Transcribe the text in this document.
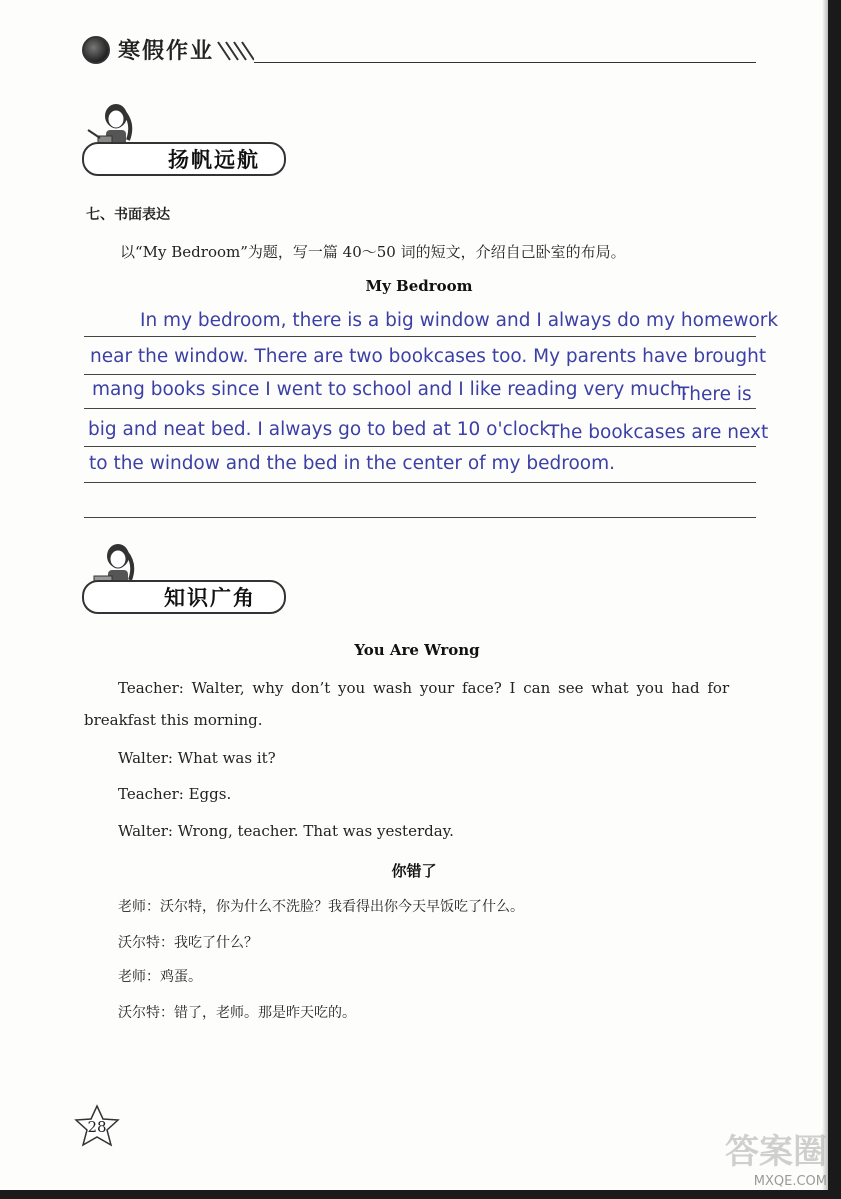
寒假作业
扬帆远航
七、书面表达
以“My Bedroom”为题，写一篇 40～50 词的短文，介绍自己卧室的布局。
My Bedroom
In my bedroom, there is a big window and I always do my homework
near the window. There are two bookcases too. My parents have brought
mang books since I went to school and I like reading very much.
There is
big and neat bed. I always go to bed at 10 o'clock.
The bookcases are next
to the window and the bed in the center of my bedroom.
知识广角
You Are Wrong
Teacher: Walter, why don’t you wash your face? I can see what you had for
breakfast this morning.
Walter: What was it?
Teacher: Eggs.
Walter: Wrong, teacher. That was yesterday.
你错了
老师：沃尔特，你为什么不洗脸？我看得出你今天早饭吃了什么。
沃尔特：我吃了什么？
老师：鸡蛋。
沃尔特：错了，老师。那是昨天吃的。
28
答案圈
MXQE.COM
